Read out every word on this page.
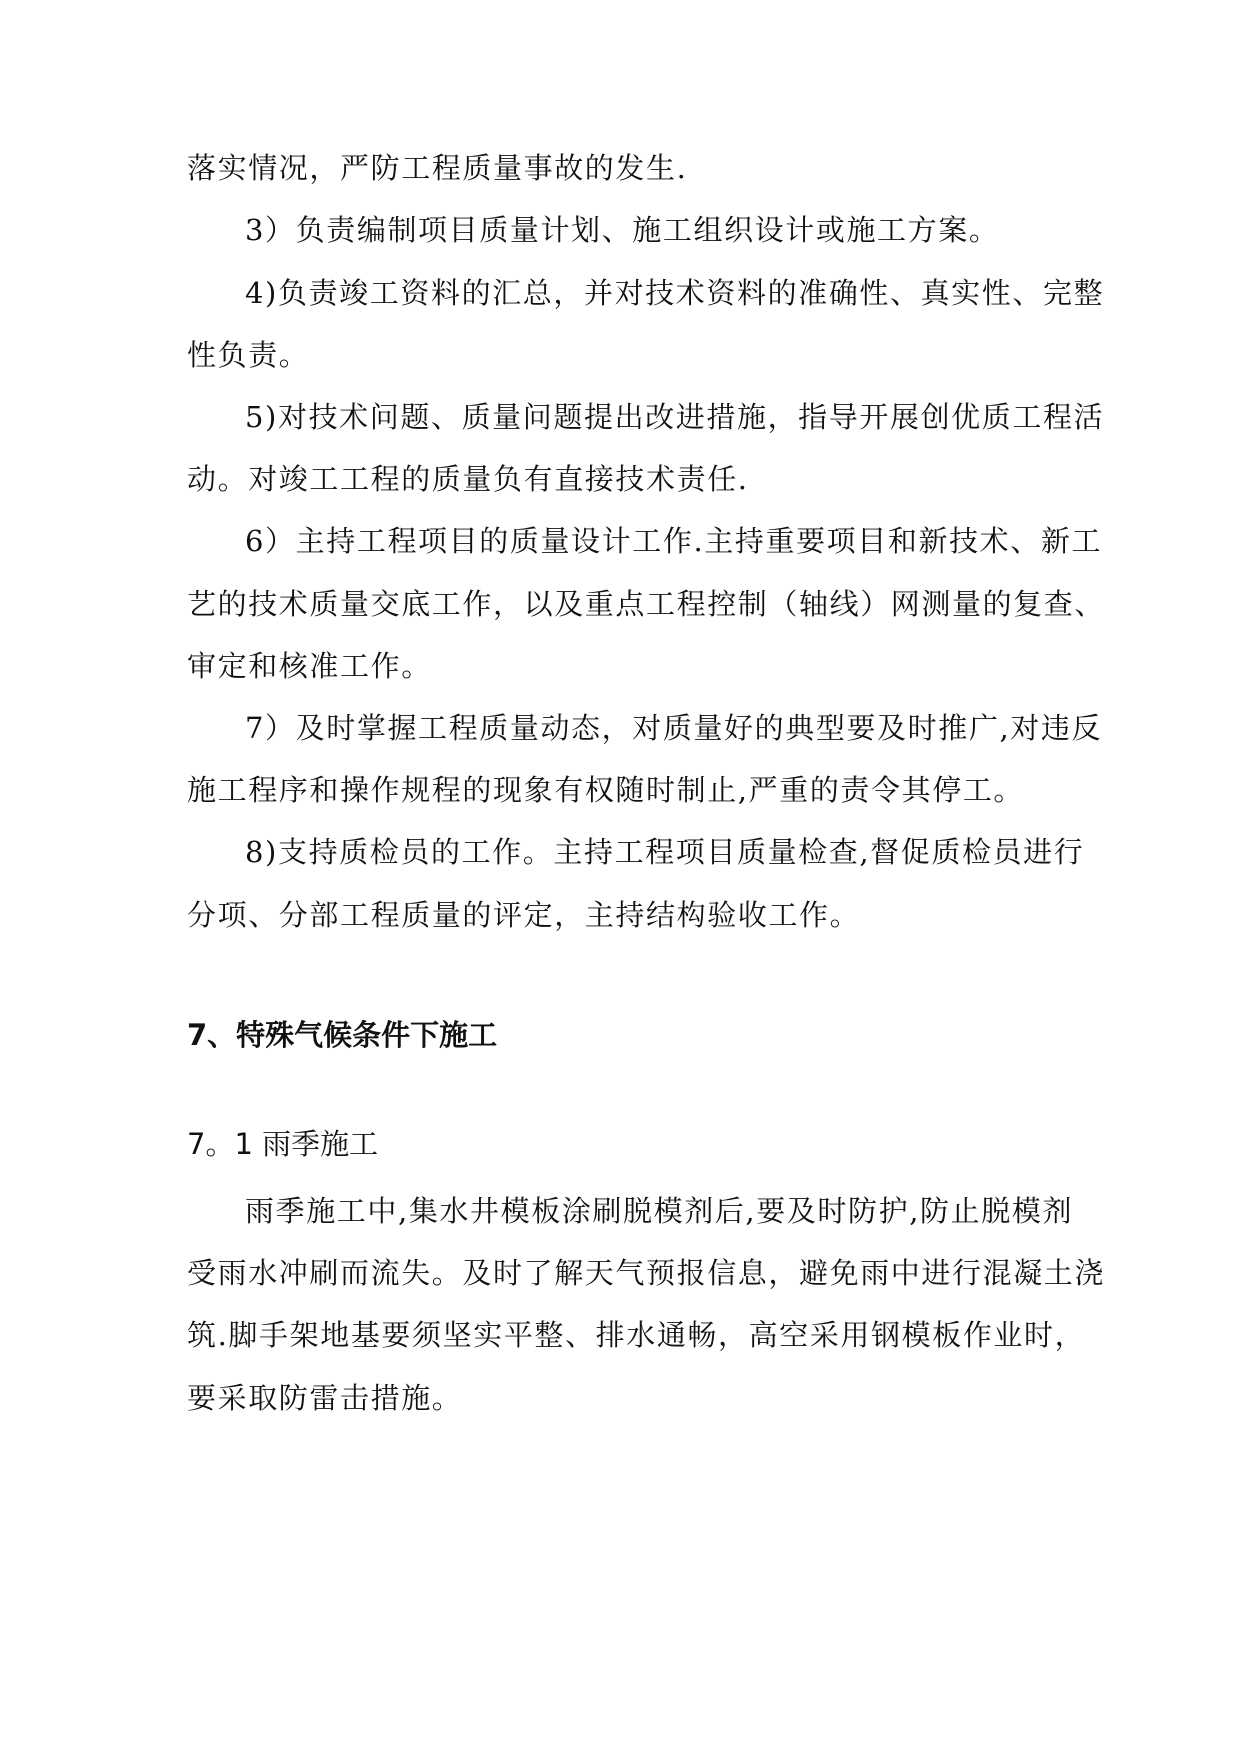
落实情况，严防工程质量事故的发生.
3）负责编制项目质量计划、施工组织设计或施工方案。
4)负责竣工资料的汇总，并对技术资料的准确性、真实性、完整
性负责。
5)对技术问题、质量问题提出改进措施，指导开展创优质工程活
动。对竣工工程的质量负有直接技术责任.
6）主持工程项目的质量设计工作.主持重要项目和新技术、新工
艺的技术质量交底工作，以及重点工程控制（轴线）网测量的复查、
审定和核准工作。
7）及时掌握工程质量动态，对质量好的典型要及时推广,对违反
施工程序和操作规程的现象有权随时制止,严重的责令其停工。
8)支持质检员的工作。主持工程项目质量检查,督促质检员进行
分项、分部工程质量的评定，主持结构验收工作。
7、特殊气候条件下施工
7。1 雨季施工
雨季施工中,集水井模板涂刷脱模剂后,要及时防护,防止脱模剂
受雨水冲刷而流失。及时了解天气预报信息，避免雨中进行混凝土浇
筑.脚手架地基要须坚实平整、排水通畅，高空采用钢模板作业时，
要采取防雷击措施。
